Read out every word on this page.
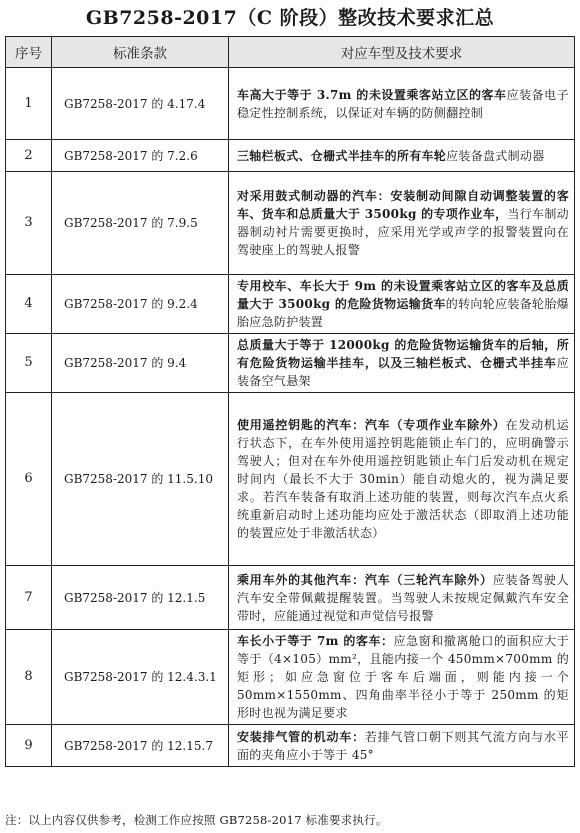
GB7258-2017（C 阶段）整改技术要求汇总
序号	标准条款	对应车型及技术要求
1	GB7258-2017 的 4.17.4	车高大于等于 3.7m 的未设置乘客站立区的客车应装备电子稳定性控制系统，以保证对车辆的防侧翻控制
2	GB7258-2017 的 7.2.6	三轴栏板式、仓栅式半挂车的所有车轮应装备盘式制动器
3	GB7258-2017 的 7.9.5	对采用鼓式制动器的汽车：安装制动间隙自动调整装置的客车、货车和总质量大于 3500kg 的专项作业车，当行车制动器制动衬片需要更换时，应采用光学或声学的报警装置向在驾驶座上的驾驶人报警
4	GB7258-2017 的 9.2.4	专用校车、车长大于 9m 的未设置乘客站立区的客车及总质量大于 3500kg 的危险货物运输货车的转向轮应装备轮胎爆胎应急防护装置
5	GB7258-2017 的 9.4	总质量大于等于 12000kg 的危险货物运输货车的后轴，所有危险货物运输半挂车，以及三轴栏板式、仓栅式半挂车应装备空气悬架
6	GB7258-2017 的 11.5.10	使用遥控钥匙的汽车：汽车（专项作业车除外）在发动机运行状态下，在车外使用遥控钥匙能锁止车门的，应明确警示驾驶人；但对在车外使用遥控钥匙锁止车门后发动机在规定时间内（最长不大于 30min）能自动熄火的，视为满足要求。若汽车装备有取消上述功能的装置，则每次汽车点火系统重新启动时上述功能均应处于激活状态（即取消上述功能的装置应处于非激活状态）
7	GB7258-2017 的 12.1.5	乘用车外的其他汽车：汽车（三轮汽车除外）应装备驾驶人汽车安全带佩戴提醒装置。当驾驶人未按规定佩戴汽车安全带时，应能通过视觉和声觉信号报警
8	GB7258-2017 的 12.4.3.1	车长小于等于 7m 的客车：应急窗和撤离舱口的面积应大于等于（4×105）mm²，且能内接一个 450mm×700mm 的矩形；如应急窗位于客车后端面，则能内接一个 50mm×1550mm、四角曲率半径小于等于 250mm 的矩形时也视为满足要求
9	GB7258-2017 的 12.15.7	安装排气管的机动车：若排气管口朝下则其气流方向与水平面的夹角应小于等于 45°
注：以上内容仅供参考，检测工作应按照 GB7258-2017 标准要求执行。
